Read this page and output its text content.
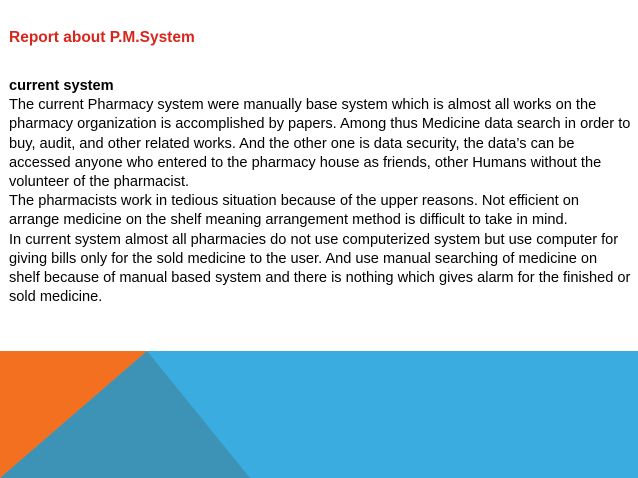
Report about P.M.System
current system

The current Pharmacy system were manually base system which is almost all works on the pharmacy organization is accomplished by papers. Among thus Medicine data search in order to buy, audit, and other related works. And the other one is data security, the data’s can be accessed anyone who entered to the pharmacy house as friends, other Humans without the volunteer of the pharmacist.

The pharmacists work in tedious situation because of the upper reasons. Not efficient on arrange medicine on the shelf meaning arrangement method is difficult to take in mind.

In current system almost all pharmacies do not use computerized system but use computer for giving bills only for the sold medicine to the user. And use manual searching of medicine on shelf because of manual based system and there is nothing which gives alarm for the finished or sold medicine.
